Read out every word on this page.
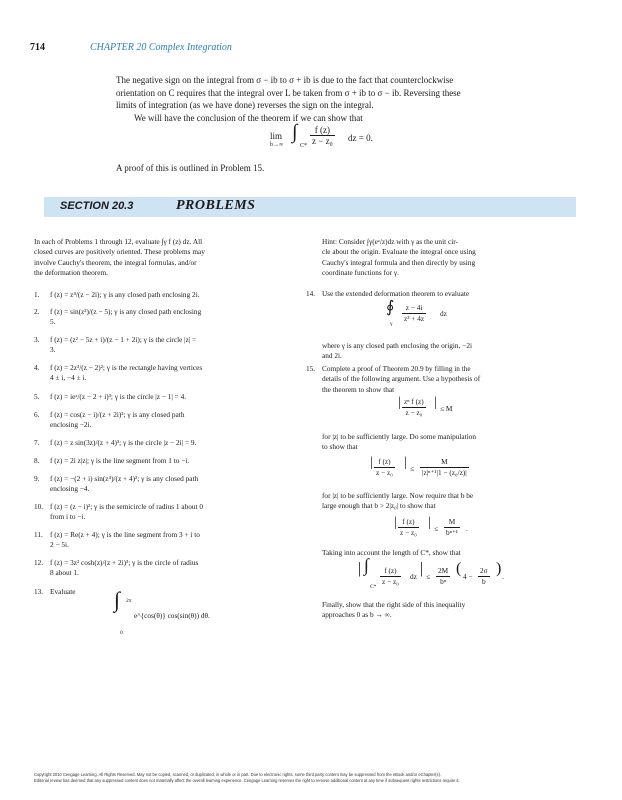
714	CHAPTER 20 Complex Integration
The negative sign on the integral from σ − ib to σ + ib is due to the fact that counterclockwise
orientation on C requires that the integral over L be taken from σ + ib to σ − ib. Reversing these
limits of integration (as we have done) reverses the sign on the integral.
We will have the conclusion of the theorem if we can show that
lim
b→∞
∫
$C* \frac{f (z)}{\text{z − z₀}}$ dz = 0.
A proof of this is outlined in Problem 15.
SECTION 20.3	PROBLEMS
In each of Problems 1 through 12, evaluate ∫γ f (z) dz. All
closed curves are positively oriented. These problems may
involve Cauchy's theorem, the integral formulas, and/or
the deformation theorem.
1. f (z) = z⁴/(z − 2i); γ is any closed path enclosing 2i.
2. f (z) = sin(z²)/(z − 5); γ is any closed path enclosing
5.
3. f (z) = (z² − 5z + i)/(z − 1 + 2i); γ is the circle |z| =
3.
4. f (z) = 2z³/(z − 2)²; γ is the rectangle having vertices
4 ± i, −4 ± i.
5. f (z) = ieᶻ/(z − 2 + i)³; γ is the circle |z − 1| = 4.
6. f (z) = cos(z − i)/(z + 2i)³; γ is any closed path
enclosing −2i.
7. f (z) = z sin(3z)/(z + 4)³; γ is the circle |z − 2i| = 9.
8. f (z) = 2i z|z|; γ is the line segment from 1 to −i.
9. f (z) = −(2 + i) sin(z⁴)/(z + 4)²; γ is any closed path
enclosing −4.
10. f (z) = (z − i)²; γ is the semicircle of radius 1 about 0
from i to −i.
11. f (z) = Re(z + 4); γ is the line segment from 3 + i to
2 − 5i.
12. f (z) = 3z² cosh(z)/(z + 2i)³; γ is the circle of radius
8 about 1.
13. Evaluate ∫ 2π
0
e^{cos(θ)} cos(sin(θ)) dθ.
Hint: Consider ∫γ(eᶻ/z)dz with γ as the unit cir-
cle about the origin. Evaluate the integral once using
Cauchy's integral formula and then directly by using
coordinate functions for γ.
14. Use the extended deformation theorem to evaluate
∮
γ $\frac{z - 4i}{\text{z³ + 4z}}$ dz
where γ is any closed path enclosing the origin, −2i
and 2i.
15. Complete a proof of Theorem 20.9 by filling in the
details of the following argument. Use a hypothesis of
the theorem to show that
| $\frac{\text{zⁿ f (z)}}{\text{z − z₀}}$ | ≤ M
for |z| to be sufficiently large. Do some manipulation
to show that
| $\frac{f (z)}{\text{z − z₀}}$ | ≤ $\frac{M}{\text{|z|ⁿ⁺¹|1 − (z₀/z)|}}$
for |z| to be sufficiently large. Now require that b be
large enough that b > 2|z₀| to show that
| $\frac{f (z)}{\text{z − z₀}}$ | ≤ $\frac{M}{\text{bⁿ⁺¹}}$ .
Taking into account the length of C*, show that
| ∫
$C* \frac{f (z)}{\text{z − z₀}}$ dz | ≤ $\frac{2M}{\text{bⁿ}}$ ( $4 - \frac{2\sigma}{b}$ ) .
Finally, show that the right side of this inequality
approaches 0 as b → ∞.
Copyright 2010 Cengage Learning. All Rights Reserved. May not be copied, scanned, or duplicated, in whole or in part. Due to electronic rights, some third party content may be suppressed from the eBook and/or eChapter(s).
Editorial review has deemed that any suppressed content does not materially affect the overall learning experience. Cengage Learning reserves the right to remove additional content at any time if subsequent rights restrictions require it.
